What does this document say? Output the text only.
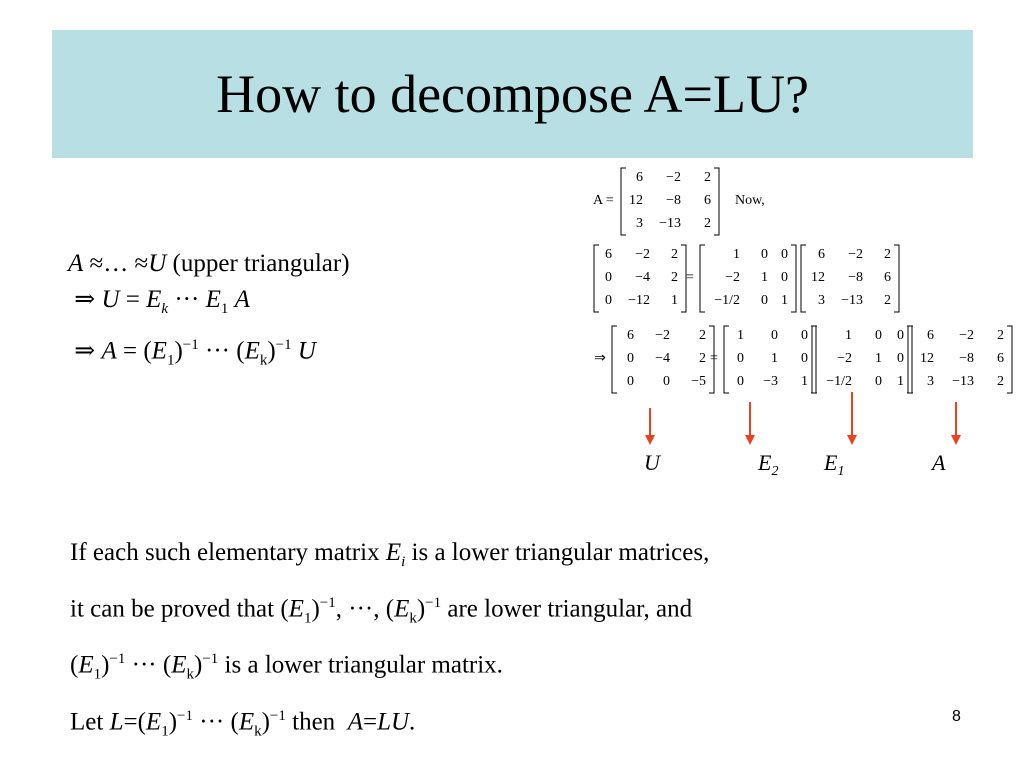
How to decompose A=LU?
A ≈… ≈U (upper triangular)
⇒ $U = E_k$ ··· $E_1$ A
⇒ $A = (E_1)^{-1}$ ··· $(E_k)^{-1}$ U
A =
6 −2 2
12 −8 6
3 −13 2
Now,
6 −2 2
0 −4 2
0 −12 1
=
1 0 0
−2 1 0
−1/2 0 1
6 −2 2
12 −8 6
3 −13 2
⇒
6 −2 2
0 −4 2
0 0 −5
=
1 0 0
0 1 0
0 −3 1
1 0 0
−2 1 0
−1/2 0 1
6 −2 2
12 −8 6
3 −13 2
U	$E_2$ $E_1$	A
If each such elementary matrix $E_i$ is a lower triangular matrices,
it can be proved that $(E_1)^{-1}$, ···, $(E_k)^{-1}$ are lower triangular, and
$(E_1)^{-1}$ ··· $(E_k)^{-1}$ is a lower triangular matrix.
Let $L=(E_1)^{-1}$ ··· $(E_k)^{-1}$ then A=LU.	8
